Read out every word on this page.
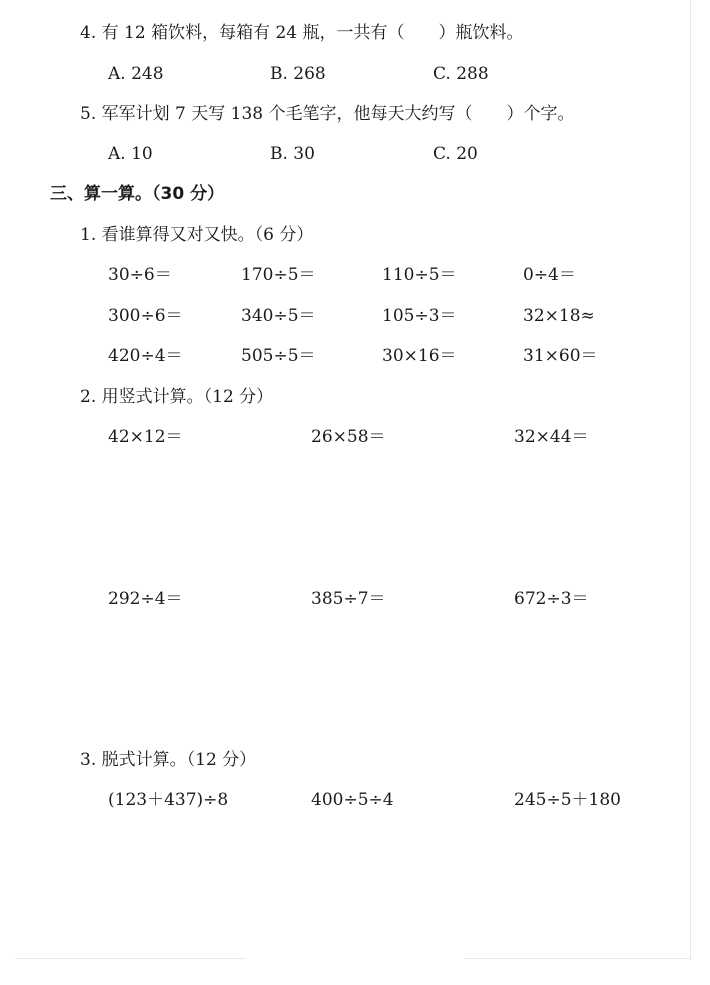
4. 有 12 箱饮料，每箱有 24 瓶，一共有（　　）瓶饮料。
A. 248	B. 268	C. 288
5. 军军计划 7 天写 138 个毛笔字，他每天大约写（　　）个字。
A. 10	B. 30	C. 20
三、算一算。（30 分）
1. 看谁算得又对又快。（6 分）
30÷6＝	170÷5＝	110÷5＝	0÷4＝
300÷6＝	340÷5＝	105÷3＝	32×18≈
420÷4＝	505÷5＝	30×16＝	31×60＝
2. 用竖式计算。（12 分）
42×12＝	26×58＝	32×44＝
292÷4＝	385÷7＝	672÷3＝
3. 脱式计算。（12 分）
(123＋437)÷8	400÷5÷4	245÷5＋180
